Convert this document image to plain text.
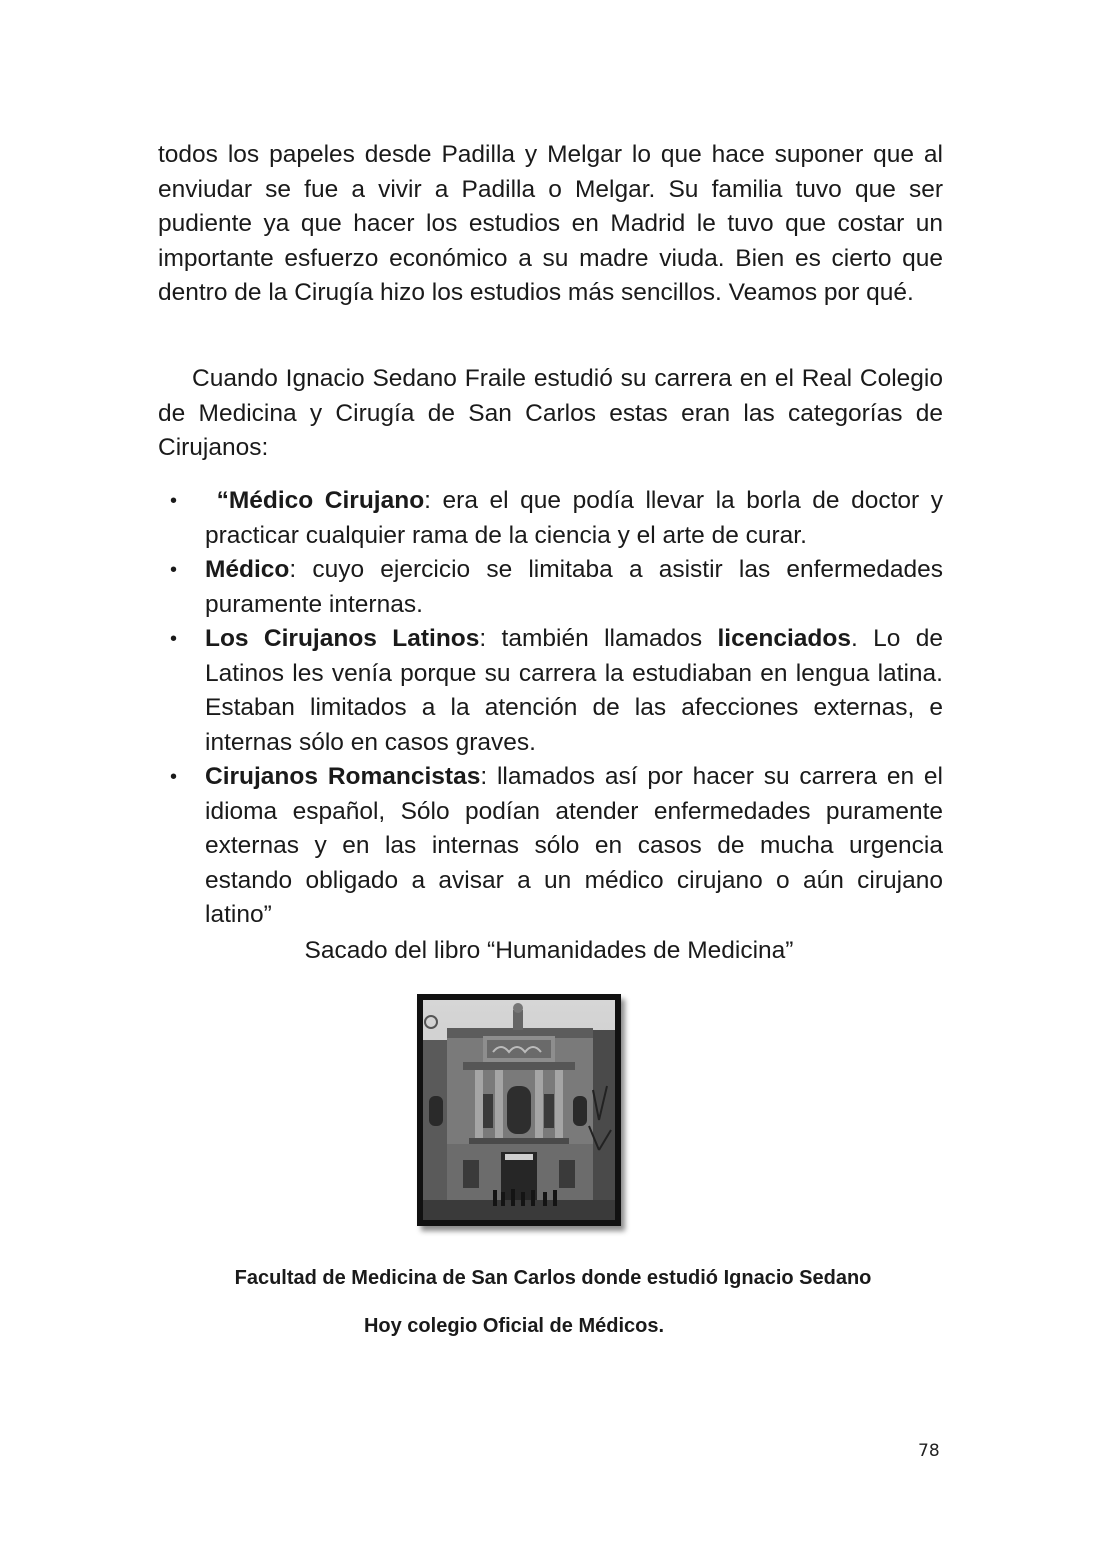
todos los papeles desde Padilla y Melgar lo que hace suponer que al enviudar se fue a vivir a Padilla o Melgar. Su familia tuvo que ser pudiente ya que hacer los estudios en Madrid le tuvo que costar un importante esfuerzo económico a su madre viuda. Bien es cierto que dentro de la Cirugía hizo los estudios más sencillos. Veamos por qué.

Cuando Ignacio Sedano Fraile estudió su carrera en el Real Colegio de Medicina y Cirugía de San Carlos estas eran las categorías de Cirujanos:

• “Médico Cirujano: era el que podía llevar la borla de doctor y practicar cualquier rama de la ciencia y el arte de curar.
• Médico: cuyo ejercicio se limitaba a asistir las enfermedades puramente internas.
• Los Cirujanos Latinos: también llamados licenciados. Lo de Latinos les venía porque su carrera la estudiaban en lengua latina. Estaban limitados a la atención de las afecciones externas, e internas sólo en casos graves.
• Cirujanos Romancistas: llamados así por hacer su carrera en el idioma español, Sólo podían atender enfermedades puramente externas y en las internas sólo en casos de mucha urgencia estando obligado a avisar a un médico cirujano o aún cirujano latino”
Sacado del libro “Humanidades de Medicina”
Facultad de Medicina de San Carlos donde estudió Ignacio Sedano
Hoy colegio Oficial de Médicos.
78
